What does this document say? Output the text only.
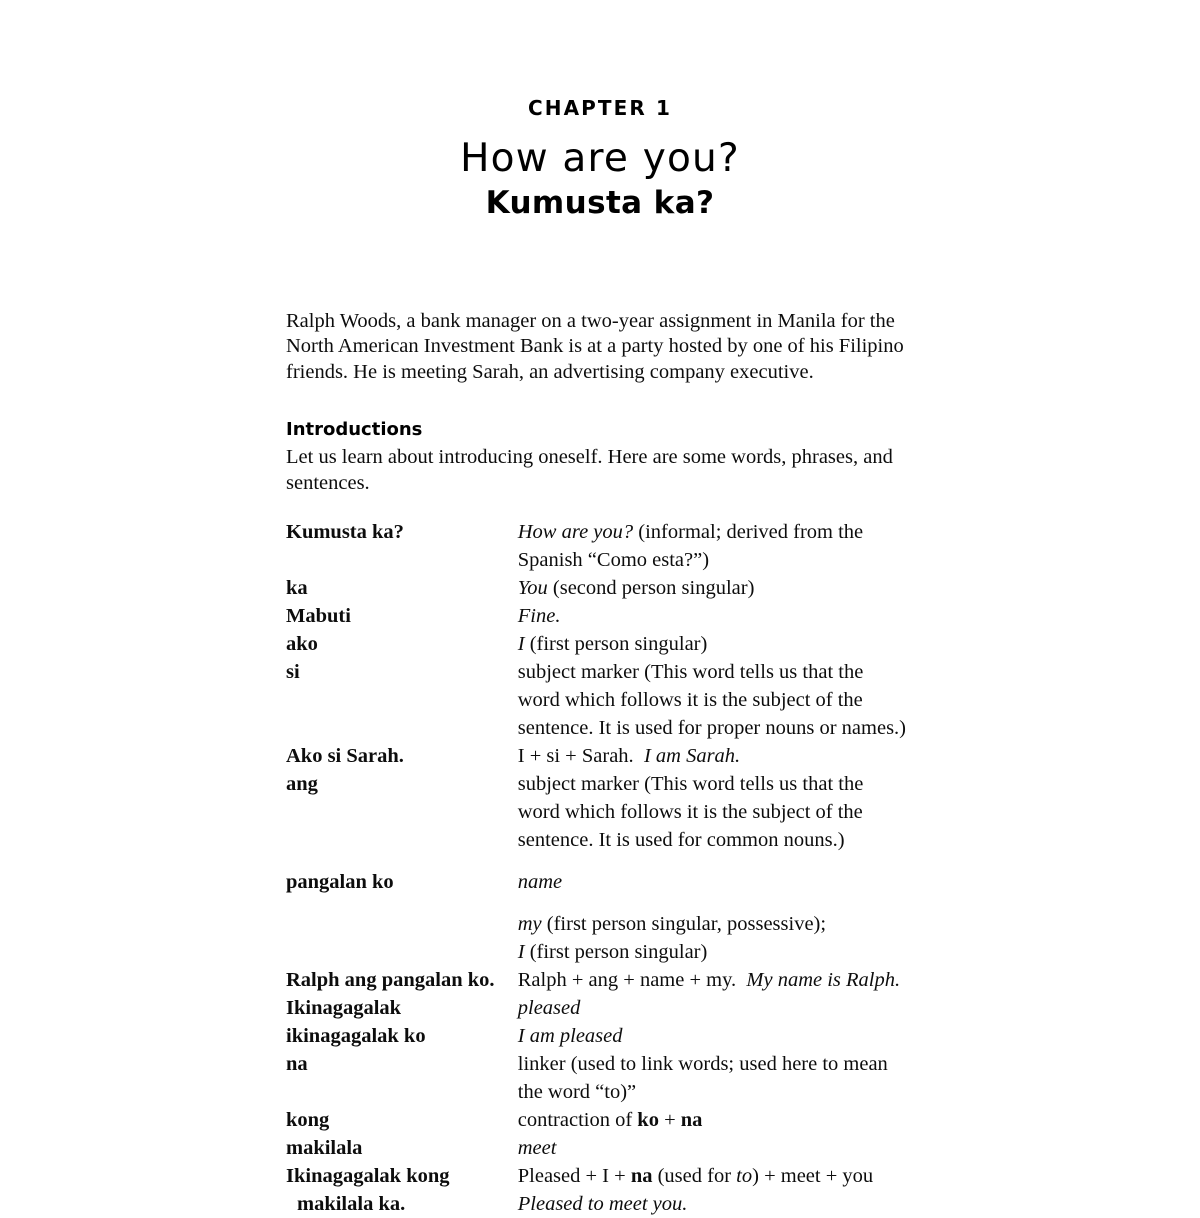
CHAPTER 1
How are you?
Kumusta ka?

Ralph Woods, a bank manager on a two-year assignment in Manila for the North American Investment Bank is at a party hosted by one of his Filipino friends. He is meeting Sarah, an advertising company executive.

Introductions

Let us learn about introducing oneself. Here are some words, phrases, and sentences.

Kumusta ka?	How are you? (informal; derived from the
Spanish “Como esta?”)

ka	You (second person singular)

Mabuti	Fine.

ako	I (first person singular)

si	subject marker (This word tells us that the
word which follows it is the subject of the
sentence. It is used for proper nouns or names.)

Ako si Sarah.	I + si + Sarah.  I am Sarah.

ang	subject marker (This word tells us that the
word which follows it is the subject of the
sentence. It is used for common nouns.)

pangalan ko	name
my (first person singular, possessive);
I (first person singular)

Ralph ang pangalan ko.	Ralph + ang + name + my.  My name is Ralph.

Ikinagagalak	pleased

ikinagagalak ko	I am pleased

na	linker (used to link words; used here to mean
the word “to)”

kong	contraction of ko + na

makilala	meet

Ikinagagalak kong
makilala ka.	Pleased + I + na (used for to) + meet + you
Pleased to meet you.
